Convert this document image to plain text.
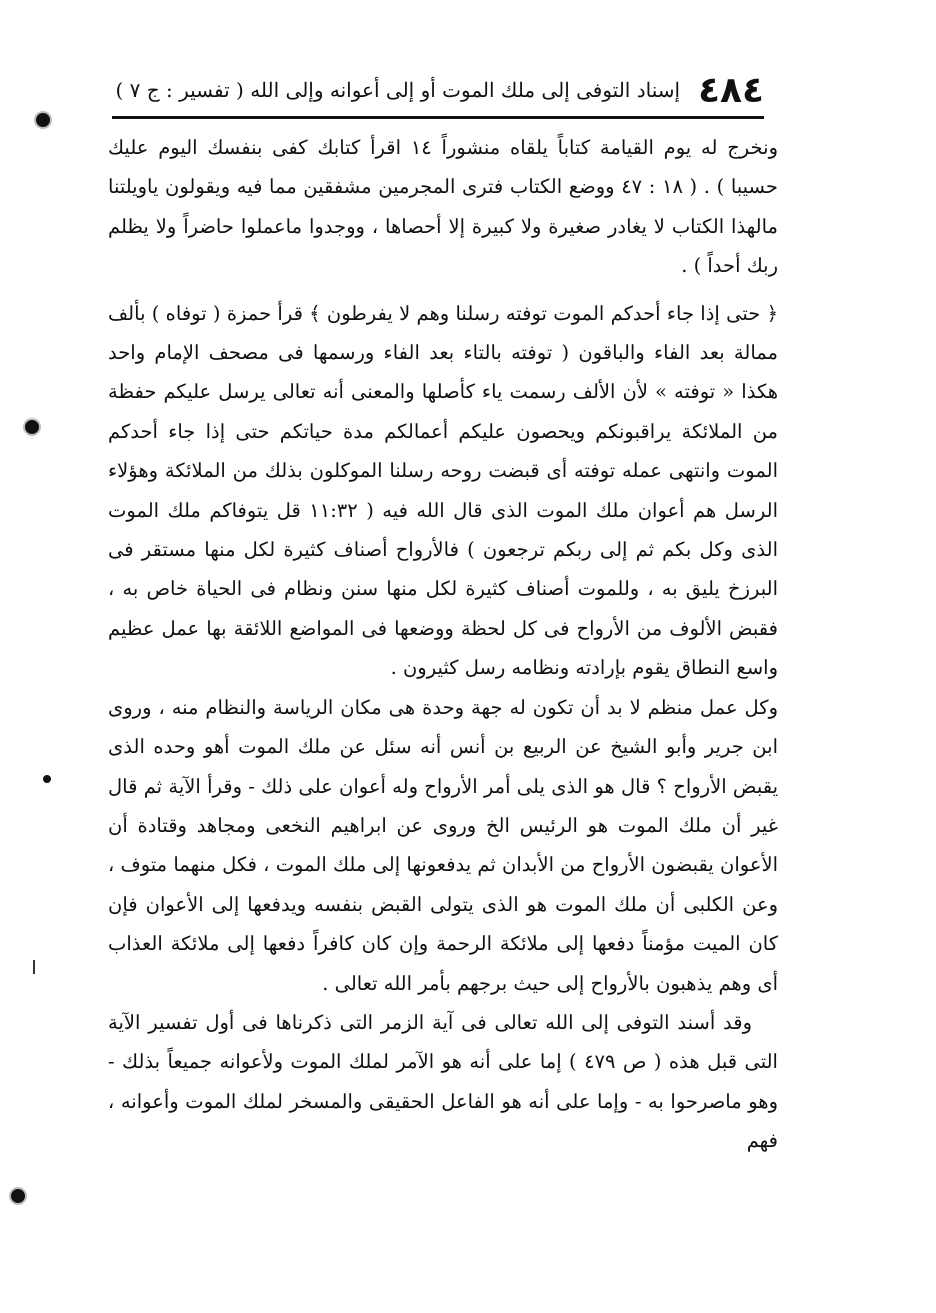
٤٨٤
إسناد التوفى إلى ملك الموت أو إلى أعوانه وإلى الله ( تفسير : ج ٧ )

ونخرج له يوم القيامة كتاباً يلقاه منشوراً ١٤ اقرأ كتابك كفى بنفسك اليوم عليك حسيبا ) . ( ١٨ : ٤٧ ووضع الكتاب فترى المجرمين مشفقين مما فيه ويقولون ياويلتنا مالهذا الكتاب لا يغادر صغيرة ولا كبيرة إلا أحصاها ، ووجدوا ماعملوا حاضراً ولا يظلم ربك أحداً ) .

﴿ حتى إذا جاء أحدكم الموت توفته رسلنا وهم لا يفرطون ﴾ قرأ حمزة ( توفاه ) بألف ممالة بعد الفاء والباقون ( توفته بالتاء بعد الفاء ورسمها فى مصحف الإمام واحد هكذا « توفته » لأن الألف رسمت ياء كأصلها والمعنى أنه تعالى يرسل عليكم حفظة من الملائكة يراقبونكم ويحصون عليكم أعمالكم مدة حياتكم حتى إذا جاء أحدكم الموت وانتهى عمله توفته أى قبضت روحه رسلنا الموكلون بذلك من الملائكة وهؤلاء الرسل هم أعوان ملك الموت الذى قال الله فيه ( ١١:٣٢ قل يتوفاكم ملك الموت الذى وكل بكم ثم إلى ربكم ترجعون ) فالأرواح أصناف كثيرة لكل منها مستقر فى البرزخ يليق به ، وللموت أصناف كثيرة لكل منها سنن ونظام فى الحياة خاص به ، فقبض الألوف من الأرواح فى كل لحظة ووضعها فى المواضع اللائقة بها عمل عظيم واسع النطاق يقوم بإرادته ونظامه رسل كثيرون .

وكل عمل منظم لا بد أن تكون له جهة وحدة هى مكان الرياسة والنظام منه ، وروى ابن جرير وأبو الشيخ عن الربيع بن أنس أنه سئل عن ملك الموت أهو وحده الذى يقبض الأرواح ؟ قال هو الذى يلى أمر الأرواح وله أعوان على ذلك - وقرأ الآية ثم قال غير أن ملك الموت هو الرئيس الخ وروى عن ابراهيم النخعى ومجاهد وقتادة أن الأعوان يقبضون الأرواح من الأبدان ثم يدفعونها إلى ملك الموت ، فكل منهما متوف ، وعن الكلبى أن ملك الموت هو الذى يتولى القبض بنفسه ويدفعها إلى الأعوان فإن كان الميت مؤمناً دفعها إلى ملائكة الرحمة وإن كان كافراً دفعها إلى ملائكة العذاب أى وهم يذهبون بالأرواح إلى حيث برجهم بأمر الله تعالى .

وقد أسند التوفى إلى الله تعالى فى آية الزمر التى ذكرناها فى أول تفسير الآية التى قبل هذه ( ص ٤٧٩ ) إما على أنه هو الآمر لملك الموت ولأعوانه جميعاً بذلك - وهو ماصرحوا به - وإما على أنه هو الفاعل الحقيقى والمسخر لملك الموت وأعوانه ، فهم
